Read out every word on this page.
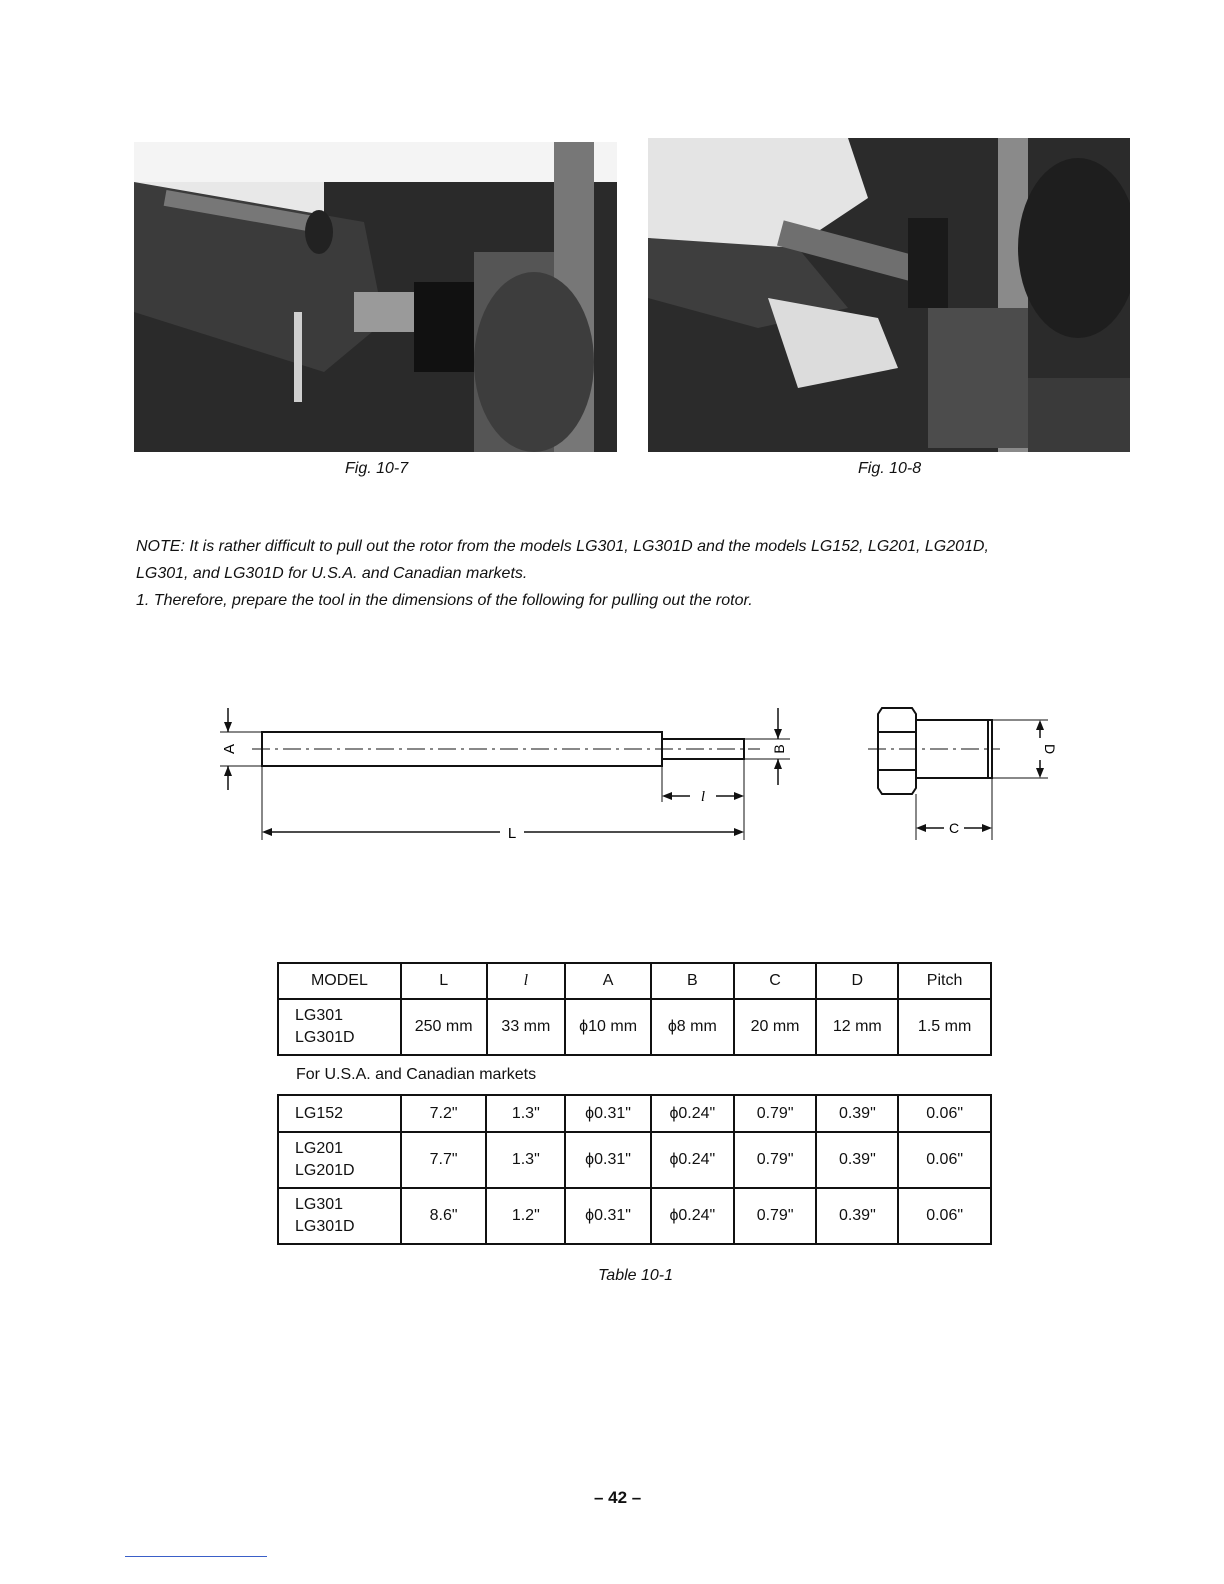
Fig. 10-7	Fig. 10-8

NOTE: It is rather difficult to pull out the rotor from the models LG301, LG301D and the models LG152, LG201, LG201D,

LG301, and LG301D for U.S.A. and Canadian markets.

1. Therefore, prepare the tool in the dimensions of the following for pulling out the rotor.

A	B
l
L	C
D
MODEL	L	l	A	B	C	D	Pitch

LG301
LG301D	250 mm	33 mm	ϕ10 mm	ϕ8 mm	20 mm	12 mm	1.5 mm
For U.S.A. and Canadian markets
LG152	7.2"	1.3"	ϕ0.31"	ϕ0.24"	0.79"	0.39"	0.06"

LG201
LG201D	7.7"	1.3"	ϕ0.31"	ϕ0.24"	0.79"	0.39"	0.06"

LG301
LG301D	8.6"	1.2"	ϕ0.31"	ϕ0.24"	0.79"	0.39"	0.06"
Table 10-1
– 42 –
